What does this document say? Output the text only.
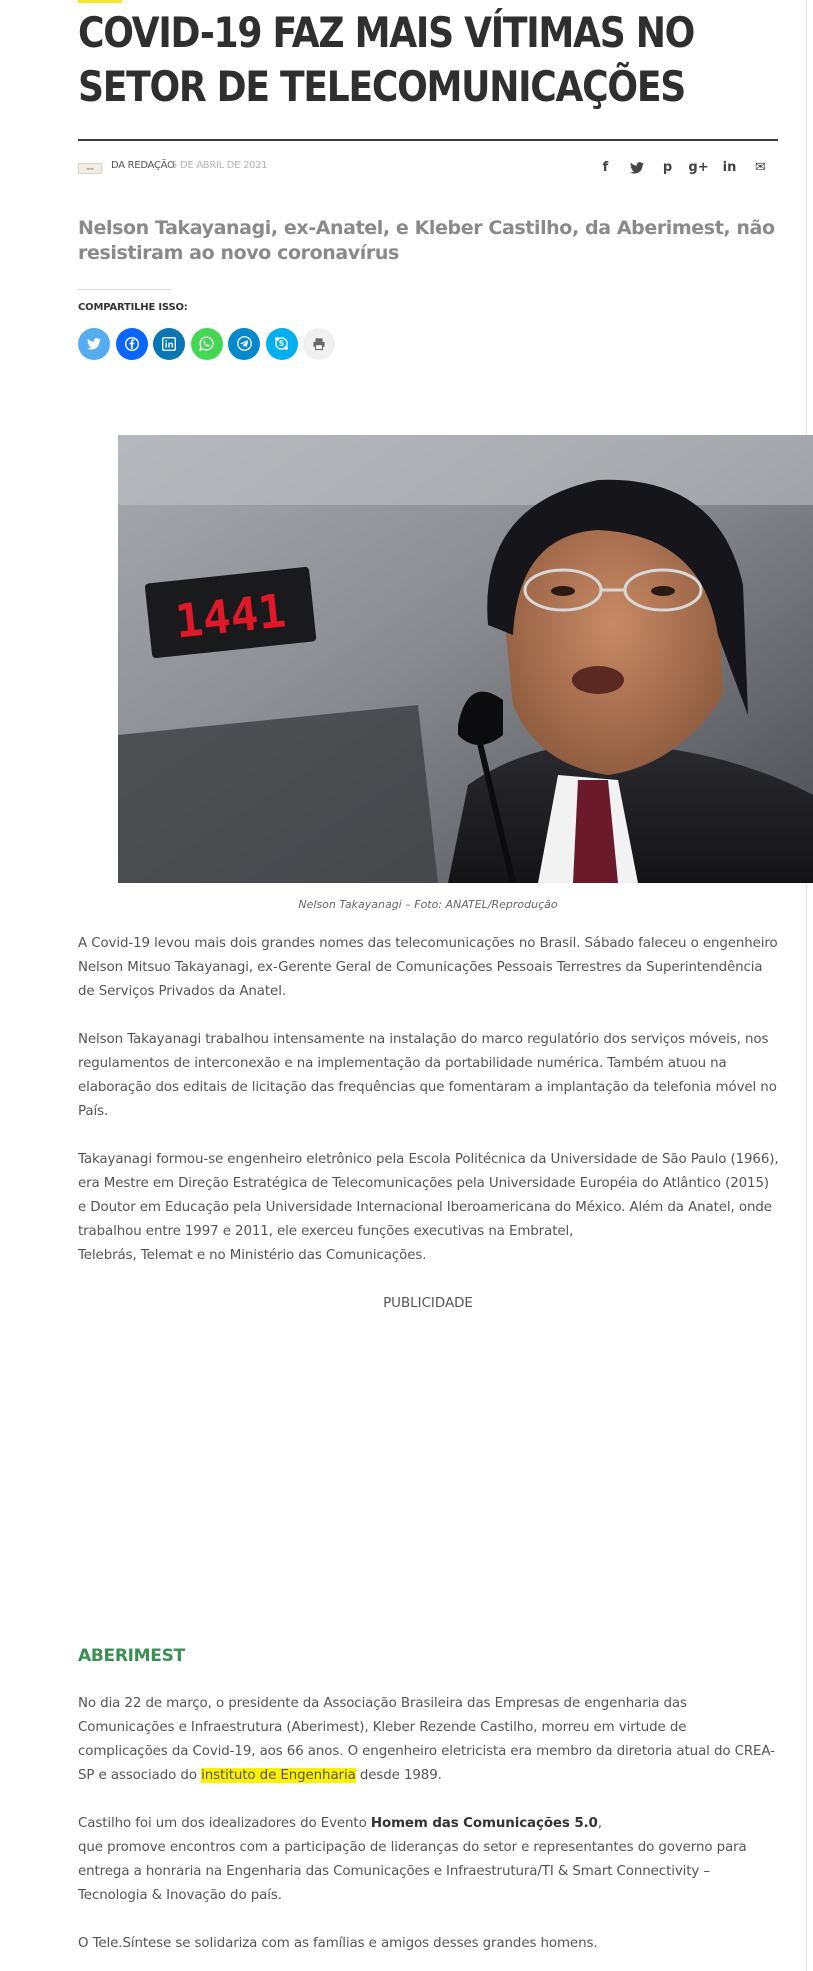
COVID-19 FAZ MAIS VÍTIMAS NO
SETOR DE TELECOMUNICAÇÕES
▬▬	DA REDAÇÃO
5 DE ABRIL DE 2021	f	p	g+	in	✉

Nelson Takayanagi, ex-Anatel, e Kleber Castilho, da Aberimest, não resistiram ao novo coronavírus

COMPARTILHE ISSO:
S
Nelson Takayanagi – Foto: ANATEL/Reprodução

A Covid-19 levou mais dois grandes nomes das telecomunicações no Brasil. Sábado faleceu o engenheiro Nelson Mitsuo Takayanagi, ex-Gerente Geral de Comunicações Pessoais Terrestres da Superintendência de Serviços Privados da Anatel.

Nelson Takayanagi trabalhou intensamente na instalação do marco regulatório dos serviços móveis, nos regulamentos de interconexão e na implementação da portabilidade numérica. Também atuou na elaboração dos editais de licitação das frequências que fomentaram a implantação da telefonia móvel no País.

Takayanagi formou-se engenheiro eletrônico pela Escola Politécnica da Universidade de São Paulo (1966), era Mestre em Direção Estratégica de Telecomunicações pela Universidade Européia do Atlântico (2015) e Doutor em Educação pela Universidade Internacional Iberoamericana do México. Além da Anatel, onde trabalhou entre 1997 e 2011, ele exerceu funções executivas na Embratel,
Telebrás, Telemat e no Ministério das Comunicações.

PUBLICIDADE
ABERIMEST

No dia 22 de março, o presidente da Associação Brasileira das Empresas de engenharia das Comunicações e Infraestrutura (Aberimest), Kleber Rezende Castilho, morreu em virtude de complicações da Covid-19, aos 66 anos. O engenheiro eletricista era membro da diretoria atual do CREA-SP e associado do instituto de Engenharia desde 1989.

Castilho foi um dos idealizadores do Evento Homem das Comunicações 5.0,
que promove encontros com a participação de lideranças do setor e representantes do governo para entrega a honraria na Engenharia das Comunicações e Infraestrutura/TI & Smart Connectivity – Tecnologia & Inovação do país.

O Tele.Síntese se solidariza com as famílias e amigos desses grandes homens.

1441
